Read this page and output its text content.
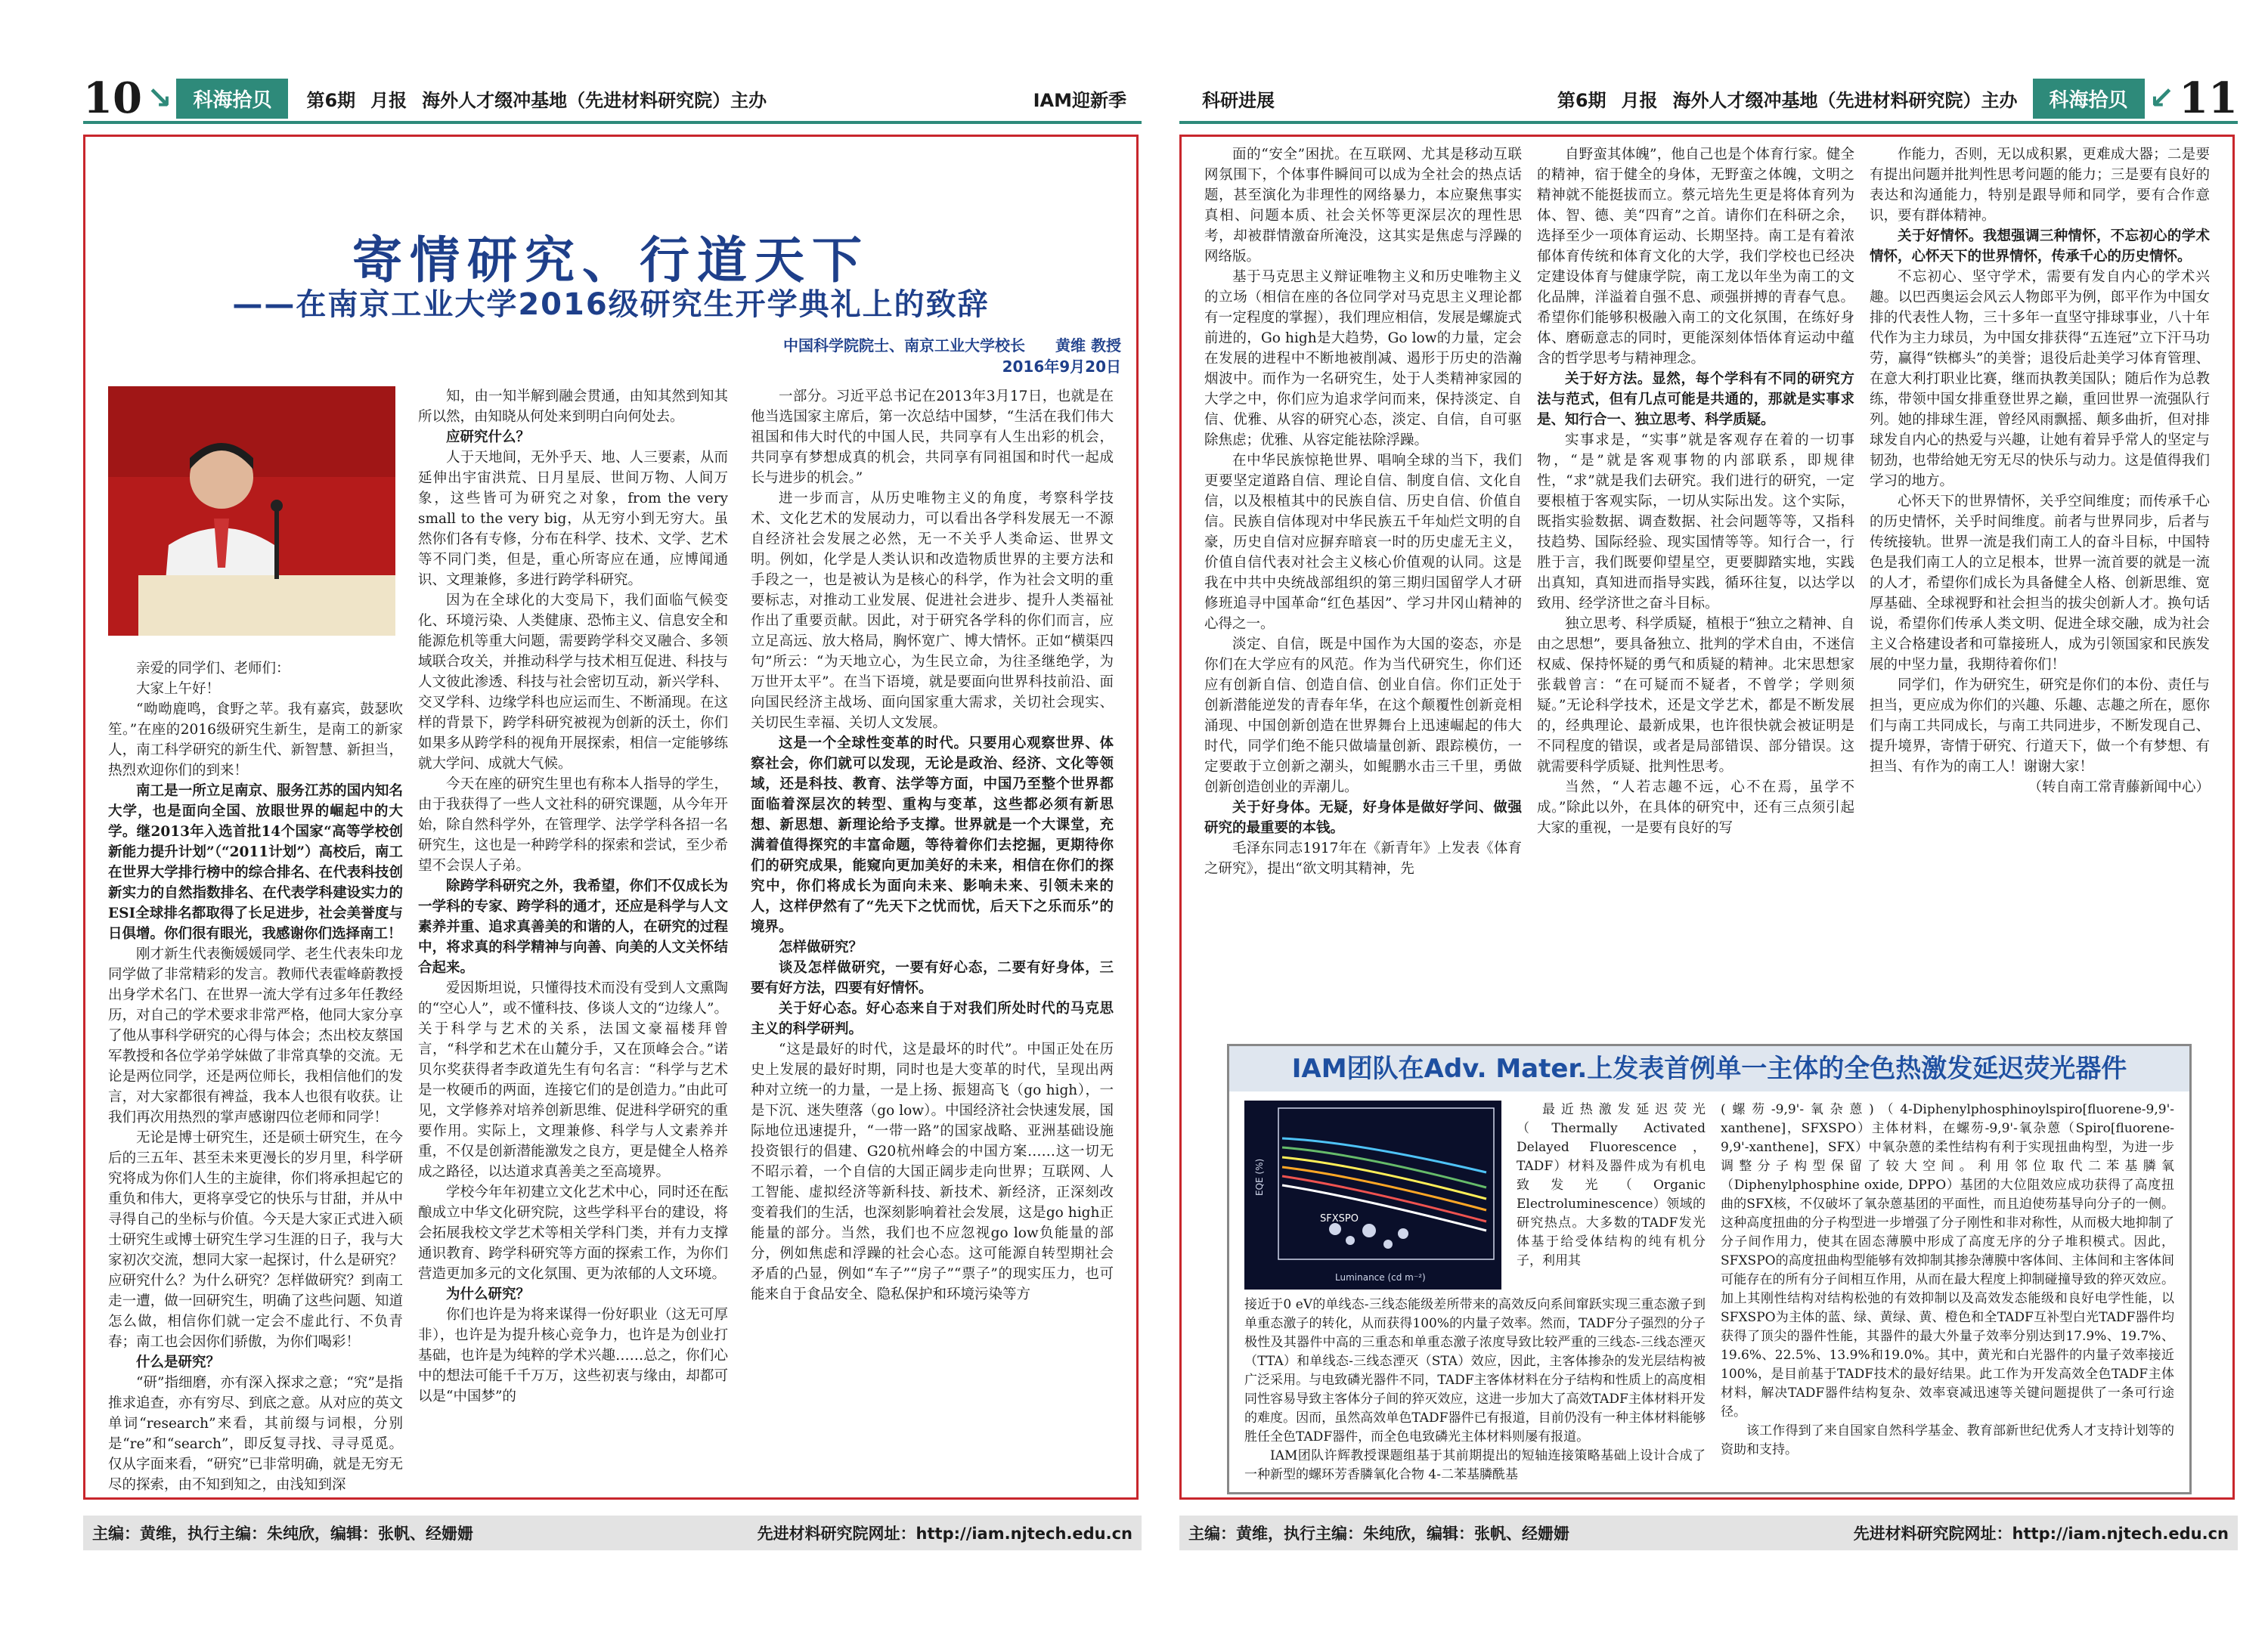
10 ↘	科海拾贝	第6期 月报 海外人才缀冲基地（先进材料研究院）主办	IAM迎新季
寄情研究、行道天下
——在南京工业大学2016级研究生开学典礼上的致辞
中国科学院院士、南京工业大学校长　　黄维 教授
2016年9月20日

亲爱的同学们、老师们：

大家上午好！

“呦呦鹿鸣，食野之苹。我有嘉宾，鼓瑟吹笙。”在座的2016级研究生新生，是南工的新家人，南工科学研究的新生代、新智慧、新担当，热烈欢迎你们的到来！

南工是一所立足南京、服务江苏的国内知名大学，也是面向全国、放眼世界的崛起中的大学。继2013年入选首批14个国家“高等学校创新能力提升计划”（“2011计划”）高校后，南工在世界大学排行榜中的综合排名、在代表科技创新实力的自然指数排名、在代表学科建设实力的ESI全球排名都取得了长足进步，社会美誉度与日俱增。你们很有眼光，我感谢你们选择南工！

刚才新生代表衡媛媛同学、老生代表朱印龙同学做了非常精彩的发言。教师代表霍峰蔚教授出身学术名门、在世界一流大学有过多年任教经历，对自己的学术要求非常严格，他同大家分享了他从事科学研究的心得与体会；杰出校友蔡国军教授和各位学弟学妹做了非常真挚的交流。无论是两位同学，还是两位师长，我相信他们的发言，对大家都很有裨益，我本人也很有收获。让我们再次用热烈的掌声感谢四位老师和同学！

无论是博士研究生，还是硕士研究生，在今后的三五年、甚至未来更漫长的岁月里，科学研究将成为你们人生的主旋律，你们将承担起它的重负和伟大，更将享受它的快乐与甘甜，并从中寻得自己的坐标与价值。今天是大家正式进入硕士研究生或博士研究生学习生涯的日子，我与大家初次交流，想同大家一起探讨，什么是研究？应研究什么？为什么研究？怎样做研究？到南工走一遭，做一回研究生，明确了这些问题、知道怎么做，相信你们就一定会不虚此行、不负青春；南工也会因你们骄傲，为你们喝彩！

什么是研究？

“研”指细磨，亦有深入探求之意；“究”是指推求追查，亦有穷尽、到底之意。从对应的英文单词“research”来看，其前缀与词根，分别是“re”和“search”，即反复寻找、寻寻觅觅。仅从字面来看，“研究”已非常明确，就是无穷无尽的探索，由不知到知之，由浅知到深

知，由一知半解到融会贯通，由知其然到知其所以然，由知晓从何处来到明白向何处去。

应研究什么？

人于天地间，无外乎天、地、人三要素，从而延伸出宇宙洪荒、日月星辰、世间万物、人间万象，这些皆可为研究之对象，from the very small to the very big，从无穷小到无穷大。虽然你们各有专修，分布在科学、技术、文学、艺术等不同门类，但是，重心所寄应在通，应博闻通识、文理兼修，多进行跨学科研究。

因为在全球化的大变局下，我们面临气候变化、环境污染、人类健康、恐怖主义、信息安全和能源危机等重大问题，需要跨学科交叉融合、多领域联合攻关，并推动科学与技术相互促进、科技与人文彼此渗透、科技与社会密切互动，新兴学科、交叉学科、边缘学科也应运而生、不断涌现。在这样的背景下，跨学科研究被视为创新的沃土，你们如果多从跨学科的视角开展探索，相信一定能够练就大学问、成就大气候。

今天在座的研究生里也有称本人指导的学生，由于我获得了一些人文社科的研究课题，从今年开始，除自然科学外，在管理学、法学学科各招一名研究生，这也是一种跨学科的探索和尝试，至少希望不会误人子弟。

除跨学科研究之外，我希望，你们不仅成长为一学科的专家、跨学科的通才，还应是科学与人文素养并重、追求真善美的和谐的人，在研究的过程中，将求真的科学精神与向善、向美的人文关怀结合起来。

爱因斯坦说，只懂得技术而没有受到人文熏陶的“空心人”，或不懂科技、侈谈人文的“边缘人”。关于科学与艺术的关系，法国文豪福楼拜曾言，“科学和艺术在山麓分手，又在顶峰会合。”诺贝尔奖获得者李政道先生有句名言：“科学与艺术是一枚硬币的两面，连接它们的是创造力。”由此可见，文学修养对培养创新思维、促进科学研究的重要作用。实际上，文理兼修、科学与人文素养并重，不仅是创新潜能激发之良方，更是健全人格养成之路径，以达道求真善美之至高境界。

学校今年年初建立文化艺术中心，同时还在酝酿成立中华文化研究院，这些学科平台的建设，将会拓展我校文学艺术等相关学科门类，并有力支撑通识教育、跨学科研究等方面的探索工作，为你们营造更加多元的文化氛围、更为浓郁的人文环境。

为什么研究？

你们也许是为将来谋得一份好职业（这无可厚非），也许是为提升核心竞争力，也许是为创业打基础，也许是为纯粹的学术兴趣……总之，你们心中的想法可能千千万万，这些初衷与缘由，却都可以是“中国梦”的

一部分。习近平总书记在2013年3月17日，也就是在他当选国家主席后，第一次总结中国梦，“生活在我们伟大祖国和伟大时代的中国人民，共同享有人生出彩的机会，共同享有梦想成真的机会，共同享有同祖国和时代一起成长与进步的机会。”

进一步而言，从历史唯物主义的角度，考察科学技术、文化艺术的发展动力，可以看出各学科发展无一不源自经济社会发展之必然，无一不关乎人类命运、世界文明。例如，化学是人类认识和改造物质世界的主要方法和手段之一，也是被认为是核心的科学，作为社会文明的重要标志，对推动工业发展、促进社会进步、提升人类福祉作出了重要贡献。因此，对于研究各学科的你们而言，应立足高远、放大格局，胸怀宽广、博大情怀。正如“横渠四句”所云：“为天地立心，为生民立命，为往圣继绝学，为万世开太平”。在当下语境，就是要面向世界科技前沿、面向国民经济主战场、面向国家重大需求，关切社会现实、关切民生幸福、关切人文发展。

这是一个全球性变革的时代。只要用心观察世界、体察社会，你们就可以发现，无论是政治、经济、文化等领域，还是科技、教育、法学等方面，中国乃至整个世界都面临着深层次的转型、重构与变革，这些都必须有新思想、新思想、新理论给予支撑。世界就是一个大课堂，充满着值得探究的丰富命题，等待着你们去挖掘，更期待你们的研究成果，能窥向更加美好的未来，相信在你们的探究中，你们将成长为面向未来、影响未来、引领未来的人，这样伊然有了“先天下之忧而忧，后天下之乐而乐”的境界。

怎样做研究？

谈及怎样做研究，一要有好心态，二要有好身体，三要有好方法，四要有好情怀。

关于好心态。好心态来自于对我们所处时代的马克思主义的科学研判。

“这是最好的时代，这是最坏的时代”。中国正处在历史上发展的最好时期，同时也是大变革的时代，呈现出两种对立统一的力量，一是上扬、振翅高飞（go high），一是下沉、迷失堕落（go low）。中国经济社会快速发展，国际地位迅速提升，“一带一路”的国家战略、亚洲基础设施投资银行的倡建、G20杭州峰会的中国方案……这一切无不昭示着，一个自信的大国正阔步走向世界；互联网、人工智能、虚拟经济等新科技、新技术、新经济，正深刻改变着我们的生活，也深刻影响着社会发展，这是go high正能量的部分。当然，我们也不应忽视go low负能量的部分，例如焦虑和浮躁的社会心态。这可能源自转型期社会矛盾的凸显，例如“车子”“房子”“票子”的现实压力，也可能来自于食品安全、隐私保护和环境污染等方

主编：黄维，执行主编：朱纯欣，编辑：张帆、经姗姗	先进材料研究院网址：http://iam.njtech.edu.cn
科研进展	第6期 月报 海外人才缀冲基地（先进材料研究院）主办	科海拾贝 ↙ 11

面的“安全”困扰。在互联网、尤其是移动互联网氛围下，个体事件瞬间可以成为全社会的热点话题，甚至演化为非理性的网络暴力，本应聚焦事实真相、问题本质、社会关怀等更深层次的理性思考，却被群情激奋所淹没，这其实是焦虑与浮躁的网络版。

基于马克思主义辩证唯物主义和历史唯物主义的立场（相信在座的各位同学对马克思主义理论都有一定程度的掌握），我们理应相信，发展是螺旋式前进的，Go high是大趋势，Go low的力量，定会在发展的进程中不断地被削减、遏形于历史的浩瀚烟波中。而作为一名研究生，处于人类精神家园的大学之中，你们应为追求学问而来，保持淡定、自信、优雅、从容的研究心态，淡定、自信，自可驱除焦虑；优雅、从容定能祛除浮躁。

在中华民族惊艳世界、唱响全球的当下，我们更要坚定道路自信、理论自信、制度自信、文化自信，以及根植其中的民族自信、历史自信、价值自信。民族自信体现对中华民族五千年灿烂文明的自豪，历史自信对应摒弃暗哀一时的历史虚无主义，价值自信代表对社会主义核心价值观的认同。这是我在中共中央统战部组织的第三期归国留学人才研修班追寻中国革命“红色基因”、学习井冈山精神的心得之一。

淡定、自信，既是中国作为大国的姿态，亦是你们在大学应有的风范。作为当代研究生，你们还应有创新自信、创造自信、创业自信。你们正处于创新潜能逆发的青春年华，在这个颠覆性创新竞相涌现、中国创新创造在世界舞台上迅速崛起的伟大时代，同学们绝不能只做墙量创新、跟踪模仿，一定要敢于立创新之潮头，如鲲鹏水击三千里，勇做创新创造创业的弄潮儿。

关于好身体。无疑，好身体是做好学问、做强研究的最重要的本钱。

毛泽东同志1917年在《新青年》上发表《体育之研究》，提出“欲文明其精神，先

自野蛮其体魄”，他自己也是个体育行家。健全的精神，宿于健全的身体，无野蛮之体魄，文明之精神就不能挺拔而立。蔡元培先生更是将体育列为体、智、德、美“四育”之首。请你们在科研之余，选择至少一项体育运动、长期坚持。南工是有着浓郁体育传统和体育文化的大学，我们学校也已经决定建设体育与健康学院，南工龙以年坐为南工的文化品牌，洋溢着自强不息、顽强拼搏的青春气息。希望你们能够积极融入南工的文化氛围，在练好身体、磨砺意志的同时，更能深刻体悟体育运动中蕴含的哲学思考与精神理念。

关于好方法。显然，每个学科有不同的研究方法与范式，但有几点可能是共通的，那就是实事求是、知行合一、独立思考、科学质疑。

实事求是，“实事”就是客观存在着的一切事物，“是”就是客观事物的内部联系，即规律性，“求”就是我们去研究。我们进行的研究，一定要根植于客观实际，一切从实际出发。这个实际，既指实验数据、调查数据、社会问题等等，又指科技趋势、国际经验、现实国情等等。知行合一，行胜于言，我们既要仰望星空，更要脚踏实地，实践出真知，真知进而指导实践，循环往复，以达学以致用、经学济世之奋斗目标。

独立思考、科学质疑，植根于“独立之精神、自由之思想”，要具备独立、批判的学术自由，不迷信权威、保持怀疑的勇气和质疑的精神。北宋思想家张载曾言：“在可疑而不疑者，不曾学；学则须疑。”无论科学技术，还是文学艺术，都是不断发展的，经典理论、最新成果，也许很快就会被证明是不同程度的错误，或者是局部错误、部分错误。这就需要科学质疑、批判性思考。

当然，“人若志趣不远，心不在焉，虽学不成。”除此以外，在具体的研究中，还有三点须引起大家的重视，一是要有良好的写

作能力，否则，无以成积累，更难成大器；二是要有提出问题并批判性思考问题的能力；三是要有良好的表达和沟通能力，特别是跟导师和同学，要有合作意识，要有群体精神。

关于好情怀。我想强调三种情怀，不忘初心的学术情怀，心怀天下的世界情怀，传承千心的历史情怀。

不忘初心、坚守学术，需要有发自内心的学术兴趣。以巴西奥运会风云人物郎平为例，郎平作为中国女排的代表性人物，三十多年一直坚守排球事业，八十年代作为主力球员，为中国女排获得“五连冠”立下汗马功劳，赢得“铁榔头”的美誉；退役后赴美学习体育管理、在意大利打职业比赛，继而执教美国队；随后作为总教练，带领中国女排重登世界之巅，重回世界一流强队行列。她的排球生涯，曾经风雨飘摇、颠多曲折，但对排球发自内心的热爱与兴趣，让她有着异乎常人的坚定与韧劲，也带给她无穷无尽的快乐与动力。这是值得我们学习的地方。

心怀天下的世界情怀，关乎空间维度；而传承千心的历史情怀，关乎时间维度。前者与世界同步，后者与传统接轨。世界一流是我们南工人的奋斗目标，中国特色是我们南工人的立足根本，世界一流首要的就是一流的人才，希望你们成长为具备健全人格、创新思维、宽厚基础、全球视野和社会担当的拔尖创新人才。换句话说，希望你们传承人类文明、促进全球交融，成为社会主义合格建设者和可靠接班人，成为引领国家和民族发展的中坚力量，我期待着你们！

同学们，作为研究生，研究是你们的本份、责任与担当，更应成为你们的兴趣、乐趣、志趣之所在，愿你们与南工共同成长，与南工共同进步，不断发现自己、提升境界，寄情于研究、行道天下，做一个有梦想、有担当、有作为的南工人！谢谢大家！

（转自南工常青藤新闻中心）

IAM团队在Adv. Mater.上发表首例单一主体的全色热激发延迟荧光器件
SFXSPO
EQE (%)
Luminance (cd m⁻²)

最近热激发延迟荧光（Thermally Activated Delayed Fluorescence，TADF）材料及器件成为有机电致发光（Organic Electroluminescence）领域的研究热点。大多数的TADF发光体基于给受体结构的纯有机分子，利用其

(螺芴-9,9'-氧杂蒽)（4-Diphenylphosphinoylspiro[fluorene-9,9'-xanthene]，SFXSPO）主体材料，在螺芴-9,9'-氧杂蒽（Spiro[fluorene-9,9'-xanthene]，SFX）中氧杂蒽的柔性结构有利于实现扭曲构型，为进一步调整分子构型保留了较大空间。利用邻位取代二苯基膦氧（Diphenylphosphine oxide, DPPO）基团的大位阻效应成功获得了高度扭曲的SFX核，不仅破坏了氧杂蒽基团的平面性，而且迫使芴基导向分子的一侧。这种高度扭曲的分子构型进一步增强了分子刚性和非对称性，从而极大地抑制了分子间作用力，使其在固态薄膜中形成了高度无序的分子堆积模式。因此，SFXSPO的高度扭曲构型能够有效抑制其掺杂薄膜中客体间、主体间和主客体间可能存在的所有分子间相互作用，从而在最大程度上抑制碰撞导致的猝灭效应。加上其刚性结构对结构松弛的有效抑制以及高效发态能级和良好电学性能，以SFXSPO为主体的蓝、绿、黄绿、黄、橙色和全TADF互补型白光TADF器件均获得了顶尖的器件性能，其器件的最大外量子效率分别达到17.9%、19.7%、19.6%、22.5%、13.9%和19.0%。其中，黄光和白光器件的内量子效率接近100%，是目前基于TADF技术的最好结果。此工作为开发高效全色TADF主体材料，解决TADF器件结构复杂、效率衰减迅速等关键问题提供了一条可行途径。

该工作得到了来自国家自然科学基金、教育部新世纪优秀人才支持计划等的资助和支持。

接近于0 eV的单线态-三线态能级差所带来的高效反向系间窜跃实现三重态激子到单重态激子的转化，从而获得100%的内量子效率。然而，TADF分子强烈的分子极性及其器件中高的三重态和单重态激子浓度导致比较严重的三线态-三线态湮灭（TTA）和单线态-三线态湮灭（STA）效应，因此，主客体掺杂的发光层结构被广泛采用。与电致磷光器件不同，TADF主客体材料在分子结构和性质上的高度相同性容易导致主客体分子间的猝灭效应，这进一步加大了高效TADF主体材料开发的难度。因而，虽然高效单色TADF器件已有报道，目前仍没有一种主体材料能够胜任全色TADF器件，而全色电致磷光主体材料则屡有报道。

IAM团队许辉教授课题组基于其前期提出的短轴连接策略基础上设计合成了一种新型的螺环芳香膦氧化合物 4-二苯基膦酰基

主编：黄维，执行主编：朱纯欣，编辑：张帆、经姗姗	先进材料研究院网址：http://iam.njtech.edu.cn
